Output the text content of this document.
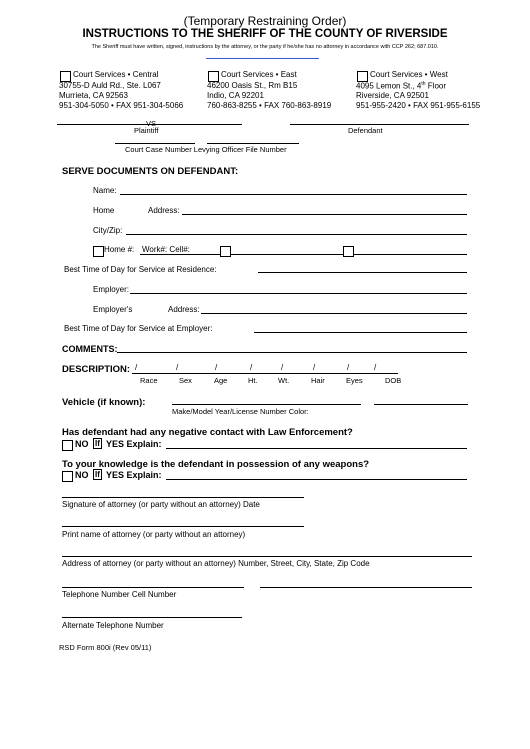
(Temporary Restraining Order)
INSTRUCTIONS TO THE SHERIFF OF THE COUNTY OF RIVERSIDE
The Sheriff must have written, signed, instructions by the attorney, or the party if he/she has no attorney in accordance with CCP 262; 687.010.
Court Services • Central
30755-D Auld Rd., Ste. L067
Murrieta, CA 92563
951-304-5050 • FAX 951-304-5066
Court Services • East
46200 Oasis St., Rm B15
Indio, CA 92201
760-863-8255 • FAX 760-863-8919
Court Services • West
4095 Lemon St., 4th Floor
Riverside, CA 92501
951-955-2420 • FAX 951-955-6155
VS
Plaintiff	Defendant
Court Case Number Levying Officer File Number
SERVE DOCUMENTS ON DEFENDANT:
Name:
Home	Address:
City/Zip:
Home #: Work#: Cell#:
Best Time of Day for Service at Residence:
Employer:
Employer's	Address:
Best Time of Day for Service at Employer:
COMMENTS:
DESCRIPTION: /	/	/	/	/	/	/	/
Race	Sex	Age	Ht.	Wt.	Hair	Eyes	DOB
Vehicle (if known):
Make/Model Year/License Number Color:
Has defendant had any negative contact with Law Enforcement?
NO If YES Explain:
To your knowledge is the defendant in possession of any weapons?
NO If YES Explain:
Signature of attorney (or party without an attorney) Date
Print name of attorney (or party without an attorney)
Address of attorney (or party without an attorney) Number, Street, City, State, Zip Code
Telephone Number Cell Number
Alternate Telephone Number
RSD Form 800i (Rev 05/11)
